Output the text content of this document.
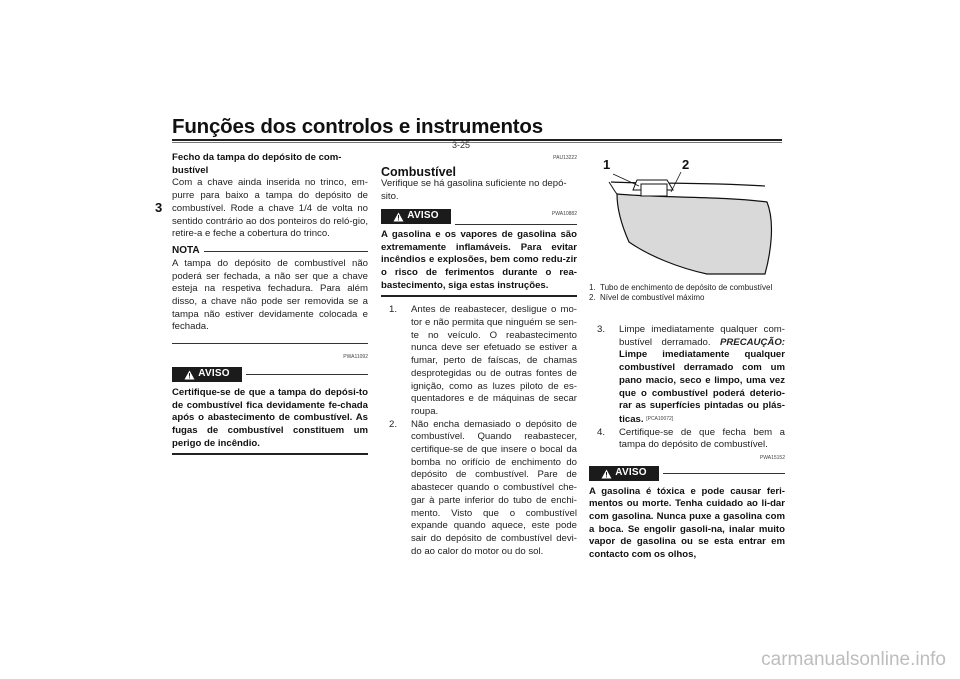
Funções dos controlos e instrumentos
3-25
3

Fecho da tampa do depósito de com-bustível

Com a chave ainda inserida no trinco, em-purre para baixo a tampa do depósito de combustível. Rode a chave 1/4 de volta no sentido contrário ao dos ponteiros do reló-gio, retire-a e feche a cobertura do trinco.

NOTA

A tampa do depósito de combustível não poderá ser fechada, a não ser que a chave esteja na respetiva fechadura. Para além disso, a chave não pode ser removida se a tampa não estiver devidamente colocada e fechada.

PWA11092
AVISO

Certifique-se de que a tampa do depósi-to de combustível fica devidamente fe-chada após o abastecimento de combustível. As fugas de combustível constituem um perigo de incêndio.

PAU13222
Combustível

Verifique se há gasolina suficiente no depó-sito.

AVISO	PWA10882

A gasolina e os vapores de gasolina são extremamente inflamáveis. Para evitar incêndios e explosões, bem como redu-zir o risco de ferimentos durante o rea-bastecimento, siga estas instruções.

1.	Antes de reabastecer, desligue o mo-tor e não permita que ninguém se sen-te no veículo. O reabastecimento nunca deve ser efetuado se estiver a fumar, perto de faíscas, de chamas desprotegidas ou de outras fontes de ignição, como as luzes piloto de es-quentadores e de máquinas de secar roupa.
2.	Não encha demasiado o depósito de combustível. Quando reabastecer, certifique-se de que insere o bocal da bomba no orifício de enchimento do depósito de combustível. Pare de abastecer quando o combustível che-gar à parte inferior do tubo de enchi-mento. Visto que o combustível expande quando aquece, este pode sair do depósito de combustível devi-do ao calor do motor ou do sol.
1	2
1. Tubo de enchimento de depósito de combustível
2. Nível de combustível máximo
3.	Limpe imediatamente qualquer com-bustível derramado. PRECAUÇÃO: Limpe imediatamente qualquer combustível derramado com um pano macio, seco e limpo, uma vez que o combustível poderá deterio-rar as superfícies pintadas ou plás-ticas. [PCA10072]
4.	Certifique-se de que fecha bem a tampa do depósito de combustível.
PWA15152
AVISO

A gasolina é tóxica e pode causar feri-mentos ou morte. Tenha cuidado ao li-dar com gasolina. Nunca puxe a gasolina com a boca. Se engolir gasoli-na, inalar muito vapor de gasolina ou se esta entrar em contacto com os olhos,

carmanualsonline.info
